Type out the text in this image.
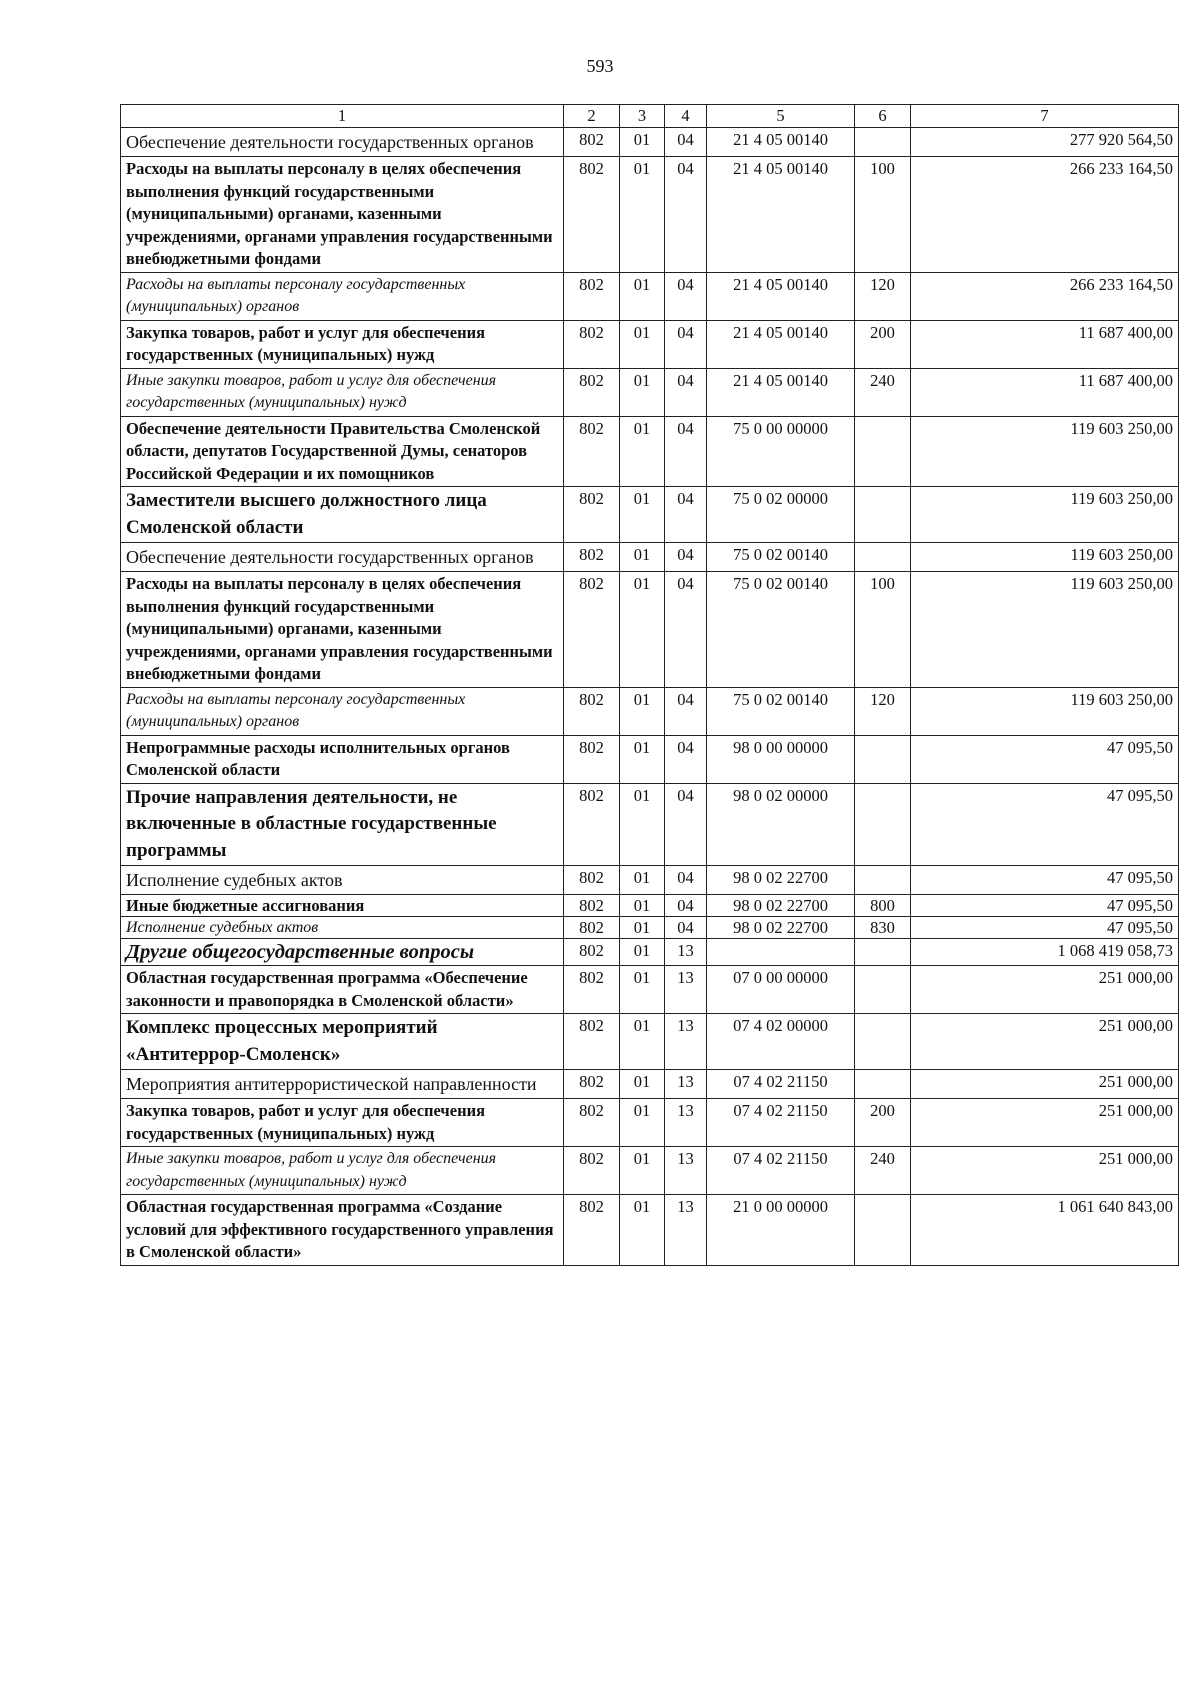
593
1	2	3	4	5	6	7
Обеспечение деятельности государственных органов	802	01	04	21 4 05 00140		277 920 564,50
Расходы на выплаты персоналу в целях обеспечения выполнения функций государственными (муниципальными) органами, казенными учреждениями, органами управления государственными внебюджетными фондами	802	01	04	21 4 05 00140	100	266 233 164,50
Расходы на выплаты персоналу государственных (муниципальных) органов	802	01	04	21 4 05 00140	120	266 233 164,50
Закупка товаров, работ и услуг для обеспечения государственных (муниципальных) нужд	802	01	04	21 4 05 00140	200	11 687 400,00
Иные закупки товаров, работ и услуг для обеспечения государственных (муниципальных) нужд	802	01	04	21 4 05 00140	240	11 687 400,00
Обеспечение деятельности Правительства Смоленской области, депутатов Государственной Думы, сенаторов Российской Федерации и их помощников	802	01	04	75 0 00 00000		119 603 250,00
Заместители высшего должностного лица Смоленской области	802	01	04	75 0 02 00000		119 603 250,00
Обеспечение деятельности государственных органов	802	01	04	75 0 02 00140		119 603 250,00
Расходы на выплаты персоналу в целях обеспечения выполнения функций государственными (муниципальными) органами, казенными учреждениями, органами управления государственными внебюджетными фондами	802	01	04	75 0 02 00140	100	119 603 250,00
Расходы на выплаты персоналу государственных (муниципальных) органов	802	01	04	75 0 02 00140	120	119 603 250,00
Непрограммные расходы исполнительных органов Смоленской области	802	01	04	98 0 00 00000		47 095,50
Прочие направления деятельности, не включенные в областные государственные программы	802	01	04	98 0 02 00000		47 095,50
Исполнение судебных актов	802	01	04	98 0 02 22700		47 095,50
Иные бюджетные ассигнования	802	01	04	98 0 02 22700	800	47 095,50
Исполнение судебных актов	802	01	04	98 0 02 22700	830	47 095,50
Другие общегосударственные вопросы	802	01	13			1 068 419 058,73
Областная государственная программа «Обеспечение законности и правопорядка в Смоленской области»	802	01	13	07 0 00 00000		251 000,00
Комплекс процессных мероприятий «Антитеррор-Смоленск»	802	01	13	07 4 02 00000		251 000,00
Мероприятия антитеррористической направленности	802	01	13	07 4 02 21150		251 000,00
Закупка товаров, работ и услуг для обеспечения государственных (муниципальных) нужд	802	01	13	07 4 02 21150	200	251 000,00
Иные закупки товаров, работ и услуг для обеспечения государственных (муниципальных) нужд	802	01	13	07 4 02 21150	240	251 000,00
Областная государственная программа «Создание условий для эффективного государственного управления в Смоленской области»	802	01	13	21 0 00 00000		1 061 640 843,00
